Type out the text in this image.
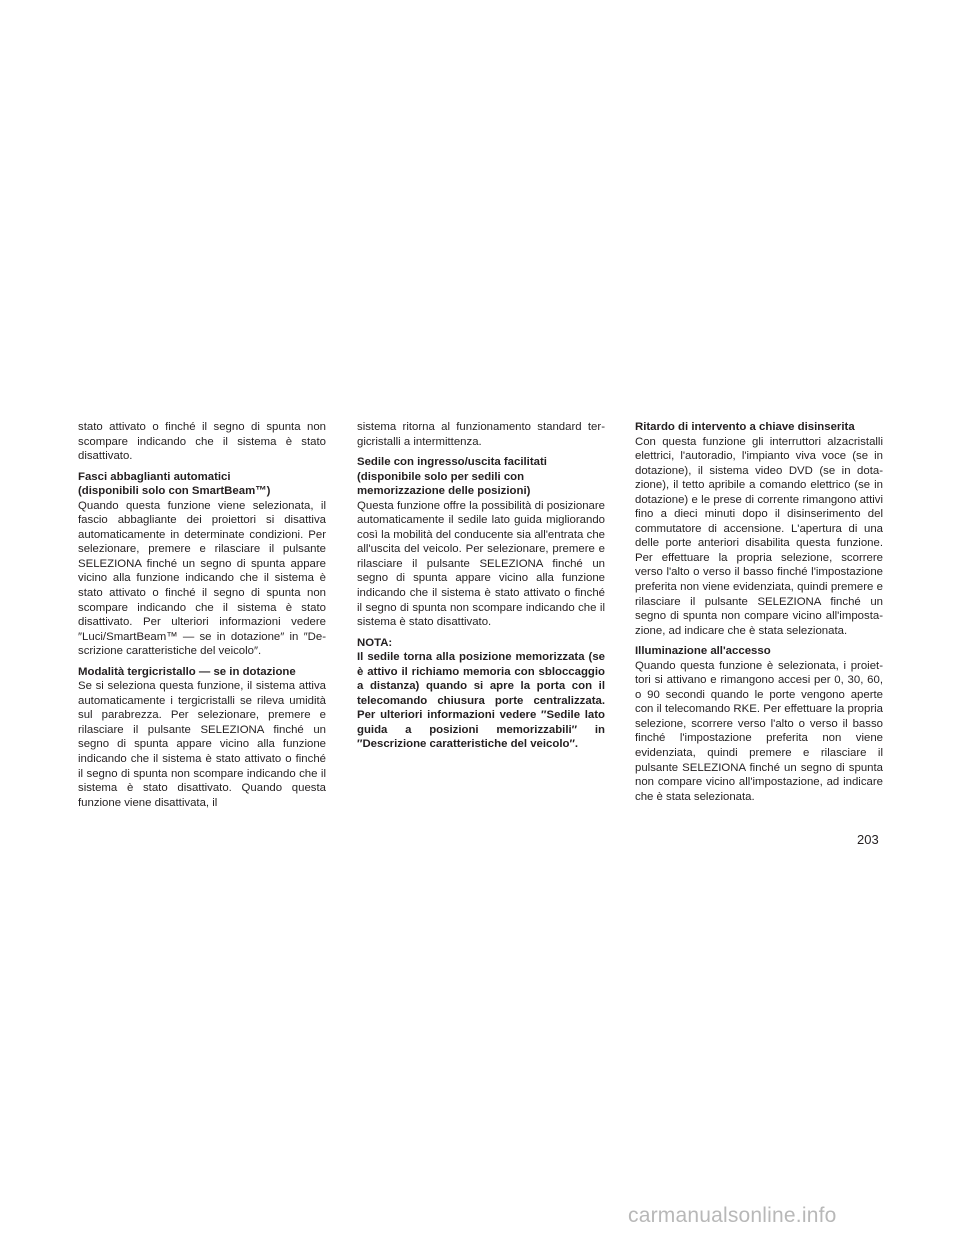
stato attivato o finché il segno di spunta non scompare indicando che il sistema è stato disattivato.

Fasci abbaglianti automatici
(disponibili solo con SmartBeam™)

Quando questa funzione viene selezionata, il fascio abbagliante dei proiettori si disattiva automaticamente in determinate condizioni. Per selezionare, premere e rilasciare il pulsante SELEZIONA finché un segno di spunta appare vicino alla funzione indicando che il sistema è stato attivato o finché il segno di spunta non scompare indicando che il sistema è stato disattivato. Per ulteriori informazioni vedere ″Luci/SmartBeam™ — se in dotazione″ in ″Descrizione caratteristiche del veicolo″.

Modalità tergicristallo — se in dotazione

Se si seleziona questa funzione, il sistema attiva automaticamente i tergicristalli se rileva umidità sul parabrezza. Per selezionare, premere e rilasciare il pulsante SELEZIONA finché un segno di spunta appare vicino alla funzione indicando che il sistema è stato attivato o finché il segno di spunta non scompare indicando che il sistema è stato disattivato. Quando questa funzione viene disattivata, il

sistema ritorna al funzionamento standard tergicristalli a intermittenza.

Sedile con ingresso/uscita facilitati
(disponibile solo per sedili con
memorizzazione delle posizioni)

Questa funzione offre la possibilità di posizionare automaticamente il sedile lato guida migliorando così la mobilità del conducente sia all'entrata che all'uscita del veicolo. Per selezionare, premere e rilasciare il pulsante SELEZIONA finché un segno di spunta appare vicino alla funzione indicando che il sistema è stato attivato o finché il segno di spunta non scompare indicando che il sistema è stato disattivato.

NOTA:

Il sedile torna alla posizione memorizzata (se è attivo il richiamo memoria con sbloccaggio a distanza) quando si apre la porta con il telecomando chiusura porte centralizzata. Per ulteriori informazioni vedere ″Sedile lato guida a posizioni memorizzabili″ in ″Descrizione caratteristiche del veicolo″.

Ritardo di intervento a chiave disinserita

Con questa funzione gli interruttori alzacristalli elettrici, l'autoradio, l'impianto viva voce (se in dotazione), il sistema video DVD (se in dotazione), il tetto apribile a comando elettrico (se in dotazione) e le prese di corrente rimangono attivi fino a dieci minuti dopo il disinserimento del commutatore di accensione. L'apertura di una delle porte anteriori disabilita questa funzione. Per effettuare la propria selezione, scorrere verso l'alto o verso il basso finché l'impostazione preferita non viene evidenziata, quindi premere e rilasciare il pulsante SELEZIONA finché un segno di spunta non compare vicino all'impostazione, ad indicare che è stata selezionata.

Illuminazione all'accesso

Quando questa funzione è selezionata, i proiettori si attivano e rimangono accesi per 0, 30, 60, o 90 secondi quando le porte vengono aperte con il telecomando RKE. Per effettuare la propria selezione, scorrere verso l'alto o verso il basso finché l'impostazione preferita non viene evidenziata, quindi premere e rilasciare il pulsante SELEZIONA finché un segno di spunta non compare vicino all'impostazione, ad indicare che è stata selezionata.

203
carmanualsonline.info
